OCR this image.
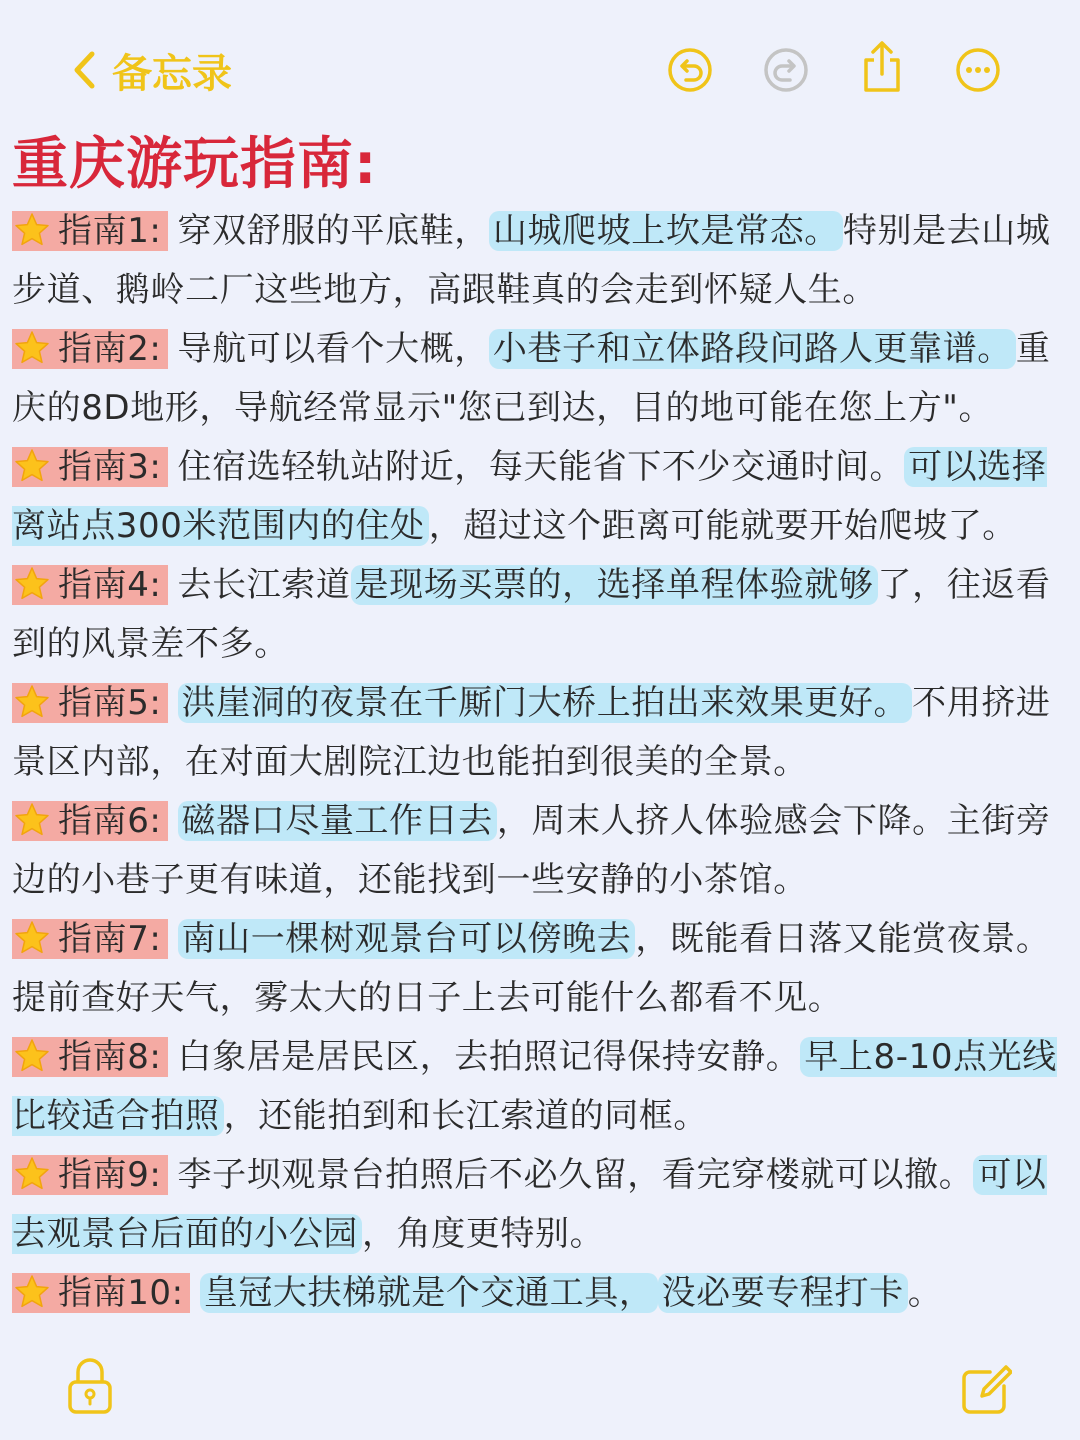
备忘录
重庆游玩指南:

指南1: 穿双舒服的平底鞋， 山城爬坡上坎是常态。 特别是去山城步道、鹅岭二厂这些地方，高跟鞋真的会走到怀疑人生。

指南2: 导航可以看个大概， 小巷子和立体路段问路人更靠谱。 重庆的8D地形，导航经常显示"您已到达，目的地可能在您上方"。

指南3: 住宿选轻轨站附近，每天能省下不少交通时间。 可以选择离站点300米范围内的住处 ，超过这个距离可能就要开始爬坡了。

指南4: 去长江索道 是现场买票的，选择单程体验就够 了，往返看到的风景差不多。

指南5: 洪崖洞的夜景在千厮门大桥上拍出来效果更好。 不用挤进景区内部，在对面大剧院江边也能拍到很美的全景。

指南6: 磁器口尽量工作日去 ，周末人挤人体验感会下降。主街旁边的小巷子更有味道，还能找到一些安静的小茶馆。

指南7: 南山一棵树观景台可以傍晚去 ，既能看日落又能赏夜景。提前查好天气，雾太大的日子上去可能什么都看不见。

指南8: 白象居是居民区，去拍照记得保持安静。 早上8-10点光线比较适合拍照 ，还能拍到和长江索道的同框。

指南9: 李子坝观景台拍照后不必久留，看完穿楼就可以撤。 可以去观景台后面的小公园 ，角度更特别。

指南10: 皇冠大扶梯就是个交通工具， 没必要专程打卡 。
